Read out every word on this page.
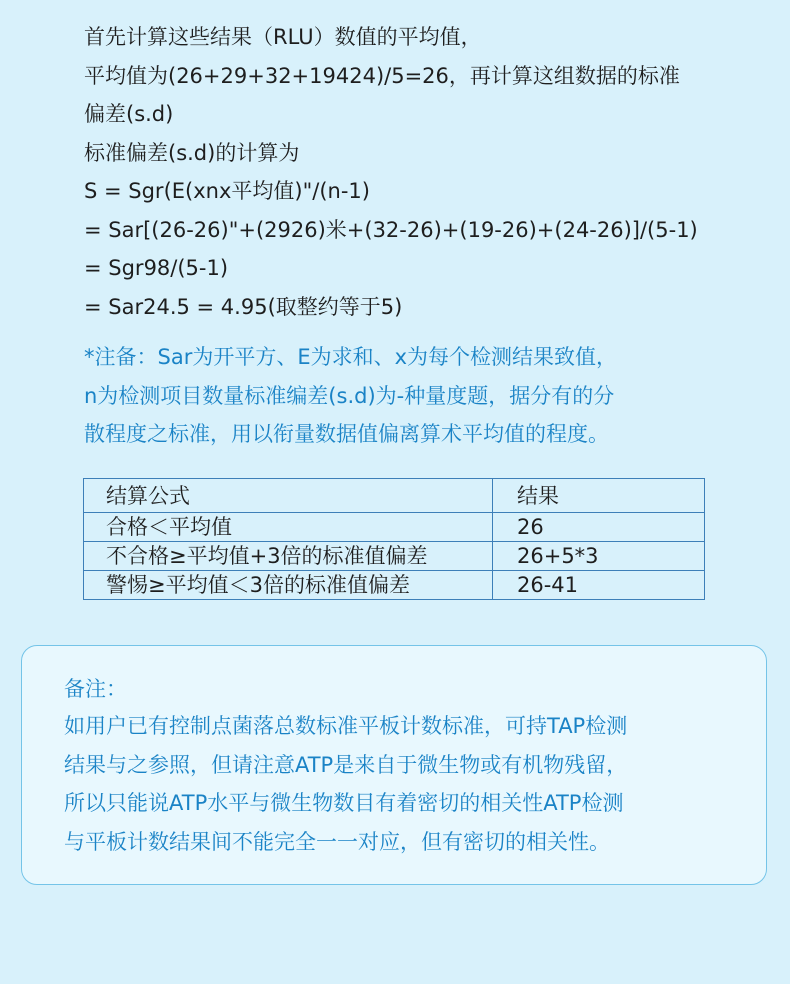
首先计算这些结果（RLU）数值的平均值，
平均值为(26+29+32+19424)/5=26，再计算这组数据的标准
偏差(s.d)
标准偏差(s.d)的计算为
S = Sgr(E(xnx平均值)"/(n-1)
= Sar[(26-26)"+(2926)米+(32-26)+(19-26)+(24-26)]/(5-1)
= Sgr98/(5-1)
= Sar24.5 = 4.95(取整约等于5)
*注备：Sar为开平方、E为求和、x为每个检测结果致值，
n为检测项目数量标准编差(s.d)为-种量度题，据分有的分
散程度之标准，用以衔量数据值偏离算术平均值的程度。
结算公式	结果
合格＜平均值	26
不合格≥平均值+3倍的标准值偏差	26+5*3
警惕≥平均值＜3倍的标准值偏差	26-41
备注：
如用户已有控制点菌落总数标准平板计数标准，可持TAP检测
结果与之参照，但请注意ATP是来自于微生物或有机物残留，
所以只能说ATP水平与微生物数目有着密切的相关性ATP检测
与平板计数结果间不能完全一一对应，但有密切的相关性。
